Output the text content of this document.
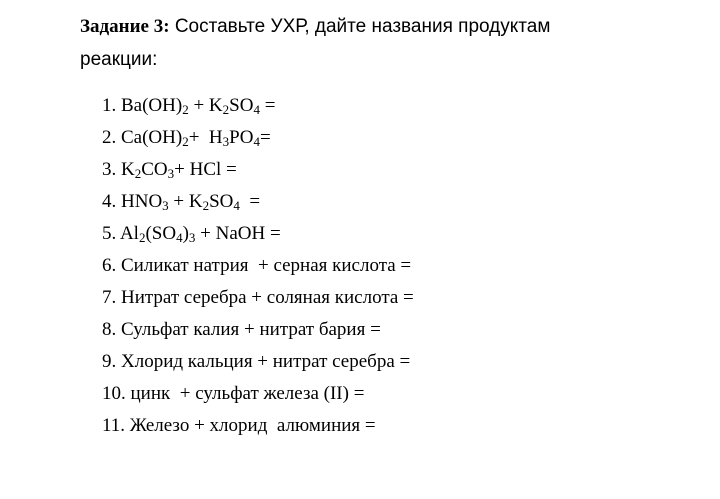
Задание 3: Составьте УХР, дайте названия продуктам
реакции:
1. $Ba(OH)_2 + K_2SO_4$ =
2. $Ca(OH)_2+ H_3PO_4=$
3. $K_2CO_3+$ HCl =
4. $HNO_3 + K_2SO_4$  =
5. $Al_2(SO_4)_3$ + NaOH =
6. Силикат натрия  + серная кислота =
7. Нитрат серебра + соляная кислота =
8. Сульфат калия + нитрат бария =
9. Хлорид кальция + нитрат серебра =
10. цинк  + сульфат железа (II) =
11. Железо + хлорид  алюминия =
